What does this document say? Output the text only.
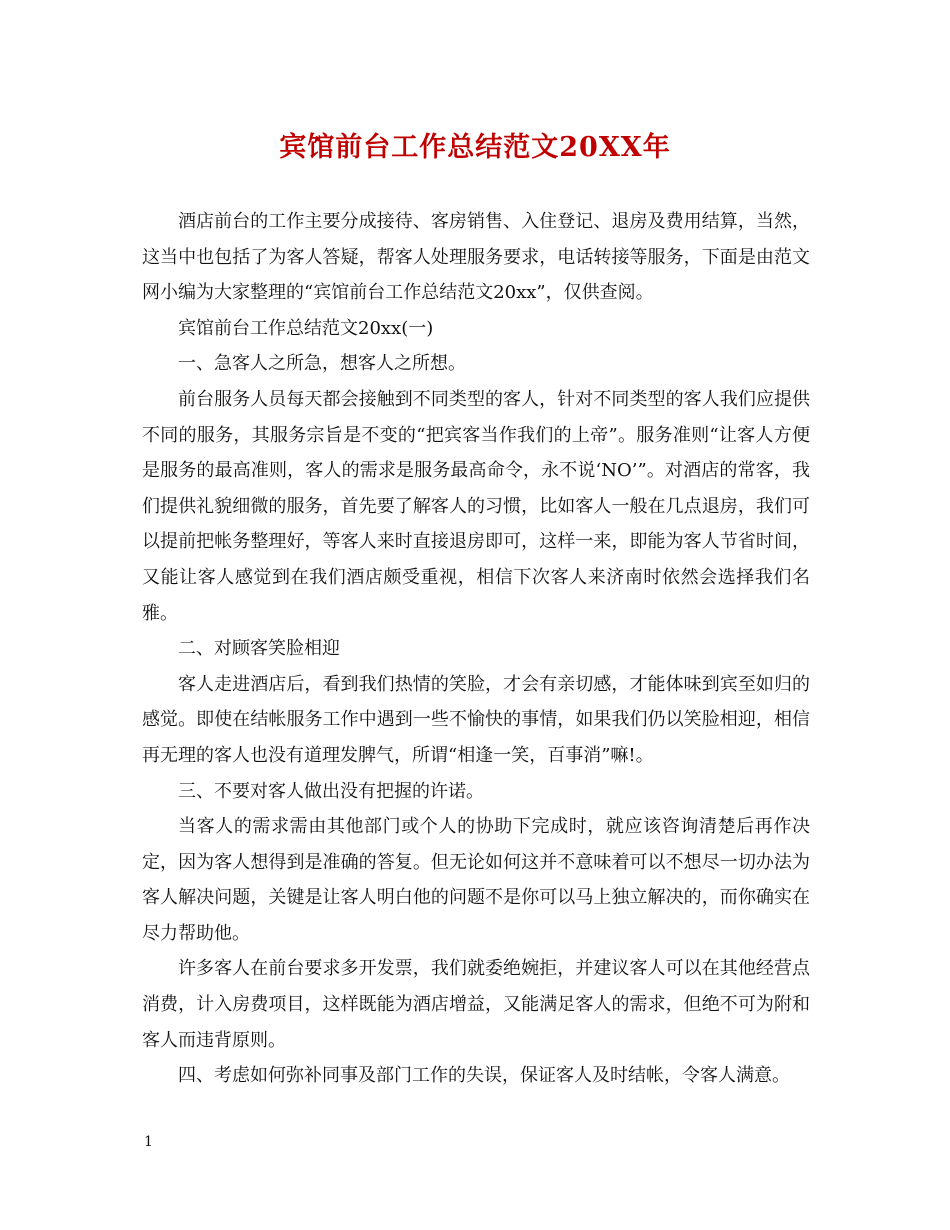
宾馆前台工作总结范文20XX年

酒店前台的工作主要分成接待、客房销售、入住登记、退房及费用结算，当然，这当中也包括了为客人答疑，帮客人处理服务要求，电话转接等服务，下面是由范文网小编为大家整理的“宾馆前台工作总结范文20xx”，仅供查阅。

宾馆前台工作总结范文20xx(一)

一、急客人之所急，想客人之所想。

前台服务人员每天都会接触到不同类型的客人，针对不同类型的客人我们应提供不同的服务，其服务宗旨是不变的“把宾客当作我们的上帝”。服务准则“让客人方便是服务的最高准则，客人的需求是服务最高命令，永不说‘NO’”。对酒店的常客，我们提供礼貌细微的服务，首先要了解客人的习惯，比如客人一般在几点退房，我们可以提前把帐务整理好，等客人来时直接退房即可，这样一来，即能为客人节省时间，又能让客人感觉到在我们酒店颇受重视，相信下次客人来济南时依然会选择我们名雅。

二、对顾客笑脸相迎

客人走进酒店后，看到我们热情的笑脸，才会有亲切感，才能体味到宾至如归的感觉。即使在结帐服务工作中遇到一些不愉快的事情，如果我们仍以笑脸相迎，相信再无理的客人也没有道理发脾气，所谓“相逢一笑，百事消”嘛!。

三、不要对客人做出没有把握的许诺。

当客人的需求需由其他部门或个人的协助下完成时，就应该咨询清楚后再作决定，因为客人想得到是准确的答复。但无论如何这并不意味着可以不想尽一切办法为客人解决问题，关键是让客人明白他的问题不是你可以马上独立解决的，而你确实在尽力帮助他。

许多客人在前台要求多开发票，我们就委绝婉拒，并建议客人可以在其他经营点消费，计入房费项目，这样既能为酒店增益，又能满足客人的需求，但绝不可为附和客人而违背原则。

四、考虑如何弥补同事及部门工作的失误，保证客人及时结帐，令客人满意。

1
